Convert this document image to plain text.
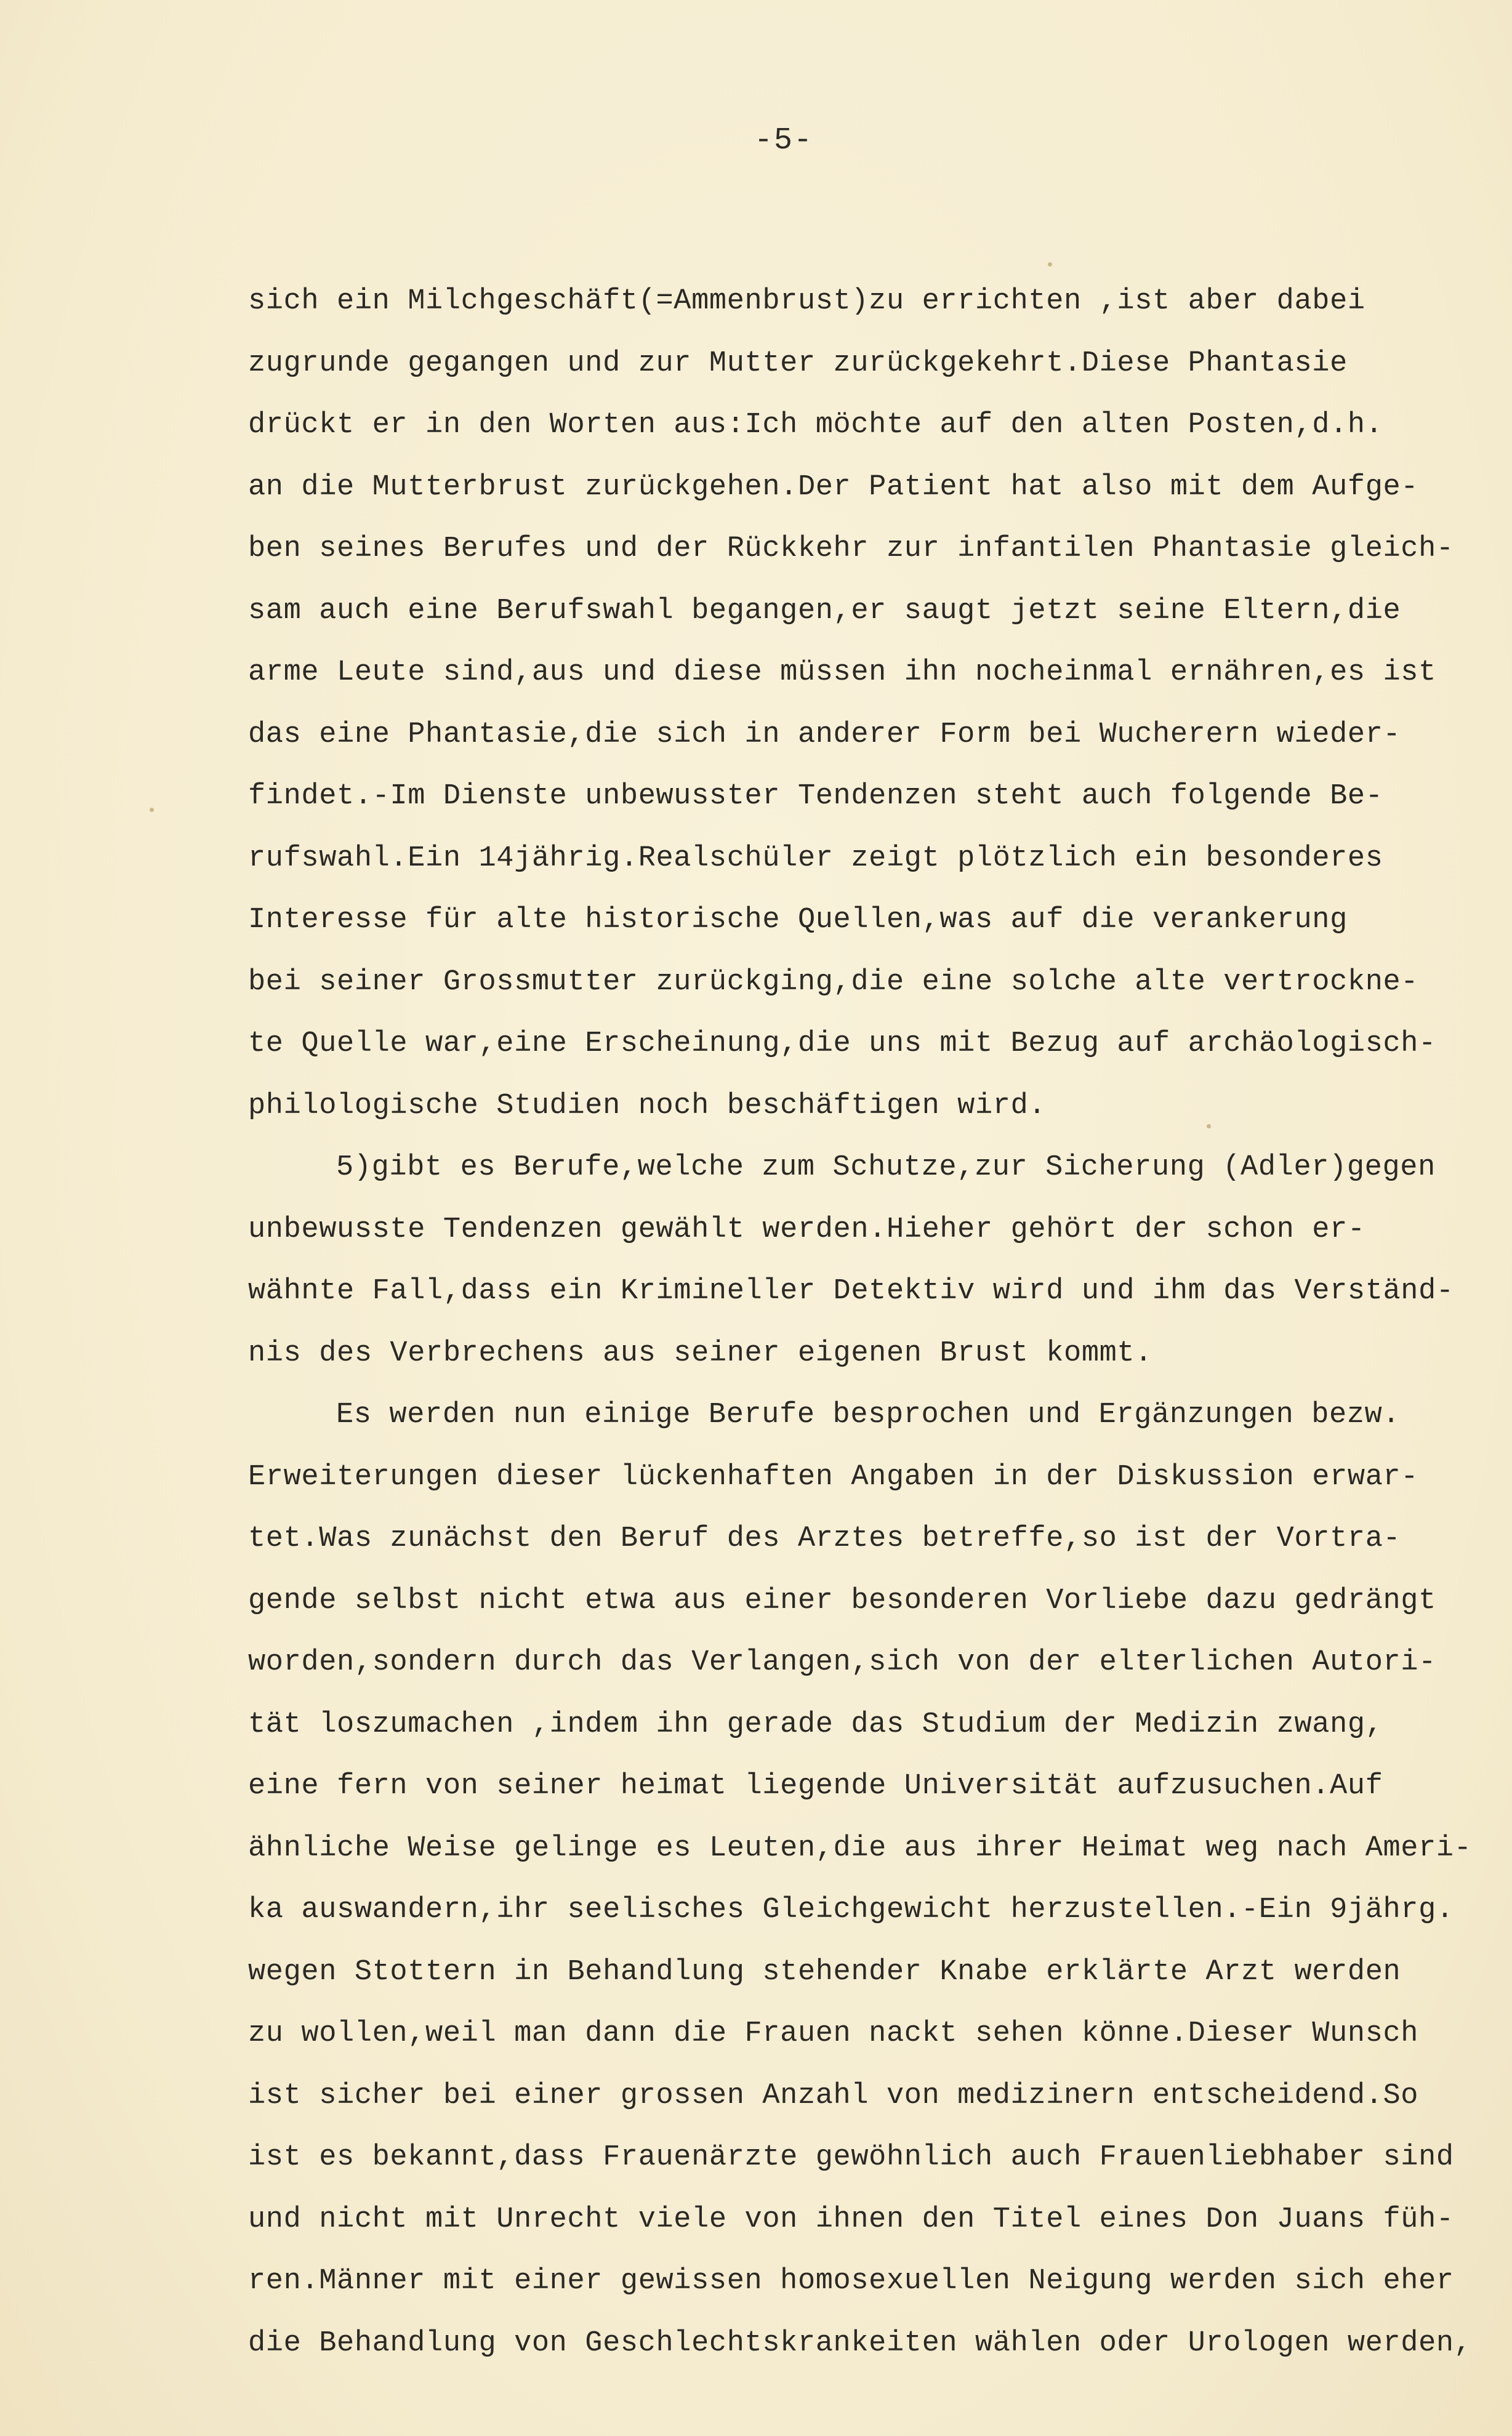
-5-
sich ein Milchgeschäft(=Ammenbrust)zu errichten ,ist aber dabei
zugrunde gegangen und zur Mutter zurückgekehrt.Diese Phantasie
drückt er in den Worten aus:Ich möchte auf den alten Posten,d.h.
an die Mutterbrust zurückgehen.Der Patient hat also mit dem Aufge-
ben seines Berufes und der Rückkehr zur infantilen Phantasie gleich-
sam auch eine Berufswahl begangen,er saugt jetzt seine Eltern,die
arme Leute sind,aus und diese müssen ihn nocheinmal ernähren,es ist
das eine Phantasie,die sich in anderer Form bei Wucherern wieder-
findet.-Im Dienste unbewusster Tendenzen steht auch folgende Be-
rufswahl.Ein 14jährig.Realschüler zeigt plötzlich ein besonderes
Interesse für alte historische Quellen,was auf die verankerung
bei seiner Grossmutter zurückging,die eine solche alte vertrockne-
te Quelle war,eine Erscheinung,die uns mit Bezug auf archäologisch-
philologische Studien noch beschäftigen wird.
5)gibt es Berufe,welche zum Schutze,zur Sicherung (Adler)gegen
unbewusste Tendenzen gewählt werden.Hieher gehört der schon er-
wähnte Fall,dass ein Krimineller Detektiv wird und ihm das Verständ-
nis des Verbrechens aus seiner eigenen Brust kommt.
Es werden nun einige Berufe besprochen und Ergänzungen bezw.
Erweiterungen dieser lückenhaften Angaben in der Diskussion erwar-
tet.Was zunächst den Beruf des Arztes betreffe,so ist der Vortra-
gende selbst nicht etwa aus einer besonderen Vorliebe dazu gedrängt
worden,sondern durch das Verlangen,sich von der elterlichen Autori-
tät loszumachen ,indem ihn gerade das Studium der Medizin zwang,
eine fern von seiner heimat liegende Universität aufzusuchen.Auf
ähnliche Weise gelinge es Leuten,die aus ihrer Heimat weg nach Ameri-
ka auswandern,ihr seelisches Gleichgewicht herzustellen.-Ein 9jährg.
wegen Stottern in Behandlung stehender Knabe erklärte Arzt werden
zu wollen,weil man dann die Frauen nackt sehen könne.Dieser Wunsch
ist sicher bei einer grossen Anzahl von medizinern entscheidend.So
ist es bekannt,dass Frauenärzte gewöhnlich auch Frauenliebhaber sind
und nicht mit Unrecht viele von ihnen den Titel eines Don Juans füh-
ren.Männer mit einer gewissen homosexuellen Neigung werden sich eher
die Behandlung von Geschlechtskrankeiten wählen oder Urologen werden,
